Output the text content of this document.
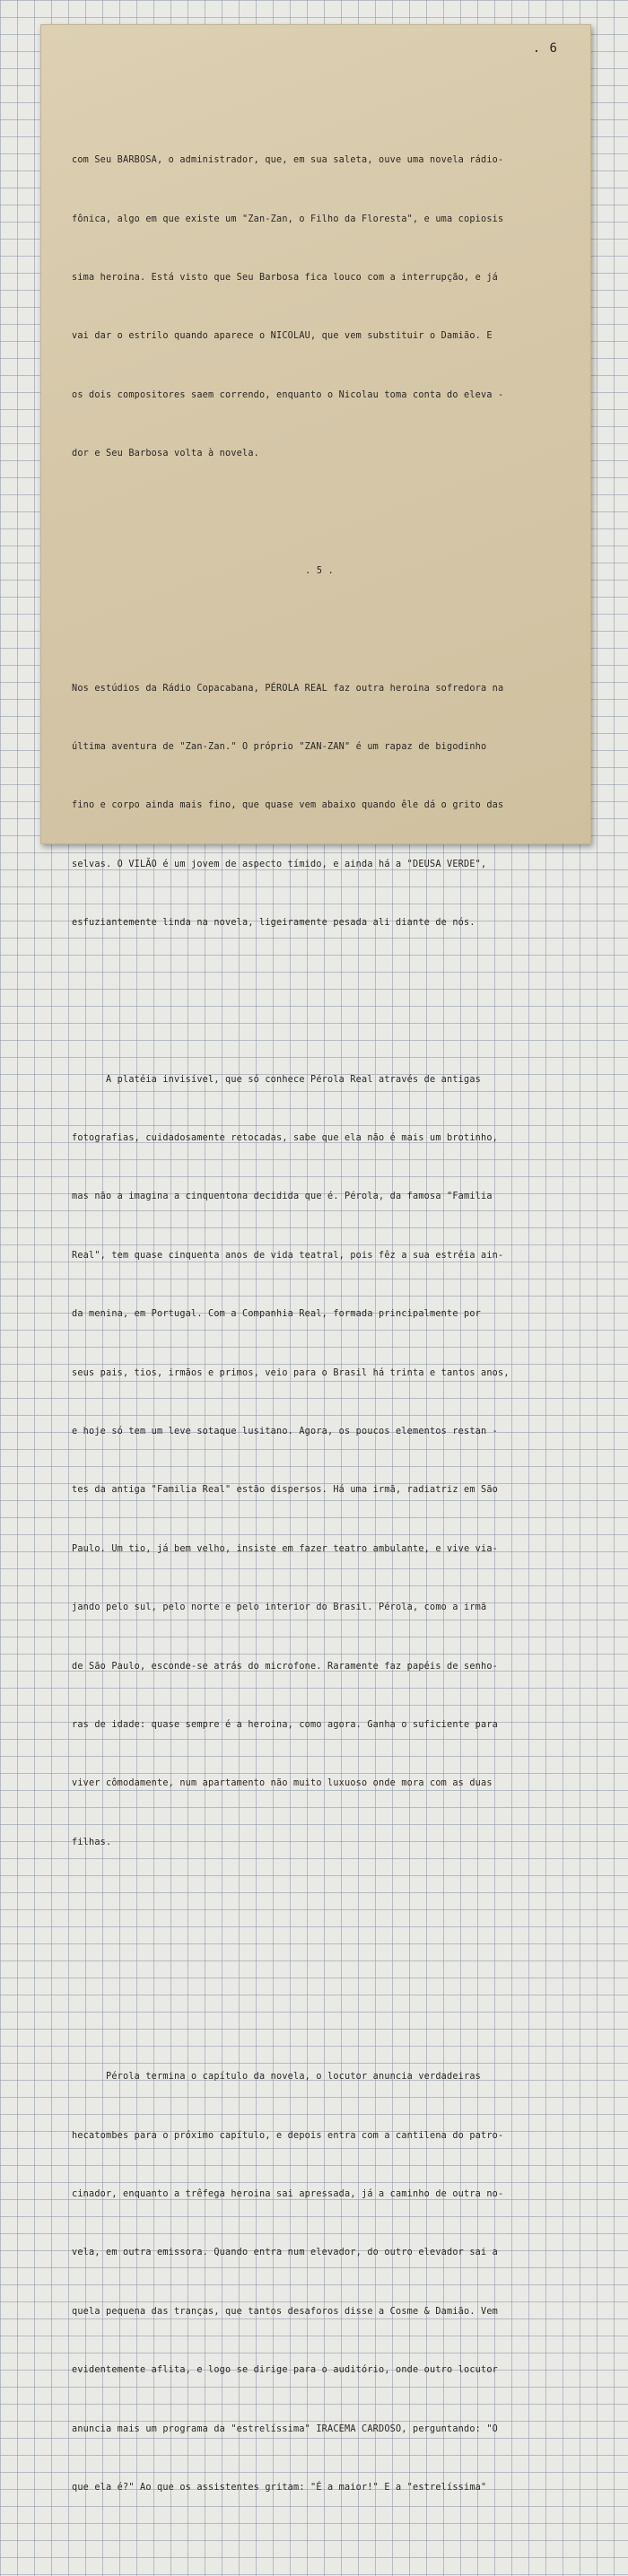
. 6

com Seu BARBOSA, o administrador, que, em sua saleta, ouve uma novela rádio-

fônica, algo em que existe um "Zan-Zan, o Filho da Floresta", e uma copiosis

sima heroina. Está visto que Seu Barbosa fica louco com a interrupção, e já

vai dar o estrilo quando aparece o NICOLAU, que vem substituir o Damião. E

os dois compositores saem correndo, enquanto o Nicolau toma conta do eleva -

dor e Seu Barbosa volta à novela.

. 5 .

Nos estúdios da Rádio Copacabana, PÉROLA REAL faz outra heroina sofredora na

última aventura de "Zan-Zan." O próprio "ZAN-ZAN" é um rapaz de bigodinho

fino e corpo ainda mais fino, que quase vem abaixo quando êle dá o grito das

selvas. O VILÃO é um jovem de aspecto tímido, e ainda há a "DEUSA VERDE",

esfuziantemente linda na novela, ligeiramente pesada ali diante de nós.

A platéia invisível, que só conhece Pérola Real através de antigas

fotografias, cuidadosamente retocadas, sabe que ela não é mais um brotinho,

mas não a imagina a cinquentona decidida que é. Pérola, da famosa "Familia

Real", tem quase cinquenta anos de vida teatral, pois fêz a sua estréia ain-

da menina, em Portugal. Com a Companhia Real, formada principalmente por

seus pais, tios, irmãos e primos, veio para o Brasil há trinta e tantos anos,

e hoje só tem um leve sotaque lusitano. Agora, os poucos elementos restan -

tes da antiga "Familia Real" estão dispersos. Há uma irmã, radiatriz em São

Paulo. Um tio, já bem velho, insiste em fazer teatro ambulante, e vive via-

jando pelo sul, pelo norte e pelo interior do Brasil. Pérola, como a irmã

de São Paulo, esconde-se atrás do microfone. Raramente faz papéis de senho-

ras de idade: quase sempre é a heroina, como agora. Ganha o suficiente para

viver cômodamente, num apartamento não muito luxuoso onde mora com as duas

filhas.

Pérola termina o capítulo da novela, o locutor anuncia verdadeiras

hecatombes para o próximo capítulo, e depois entra com a cantilena do patro-

cinador, enquanto a trêfega heroina sai apressada, já a caminho de outra no-

vela, em outra emissora. Quando entra num elevador, do outro elevador sai a

quela pequena das tranças, que tantos desaforos disse a Cosme & Damião. Vem

evidentemente aflita, e logo se dirige para o auditório, onde outro locutor

anuncia mais um programa da "estrelíssima" IRACEMA CARDOSO, perguntando: "O

que ela é?" Ao que os assistentes gritam: "É a maior!" E a "estrelíssima"
